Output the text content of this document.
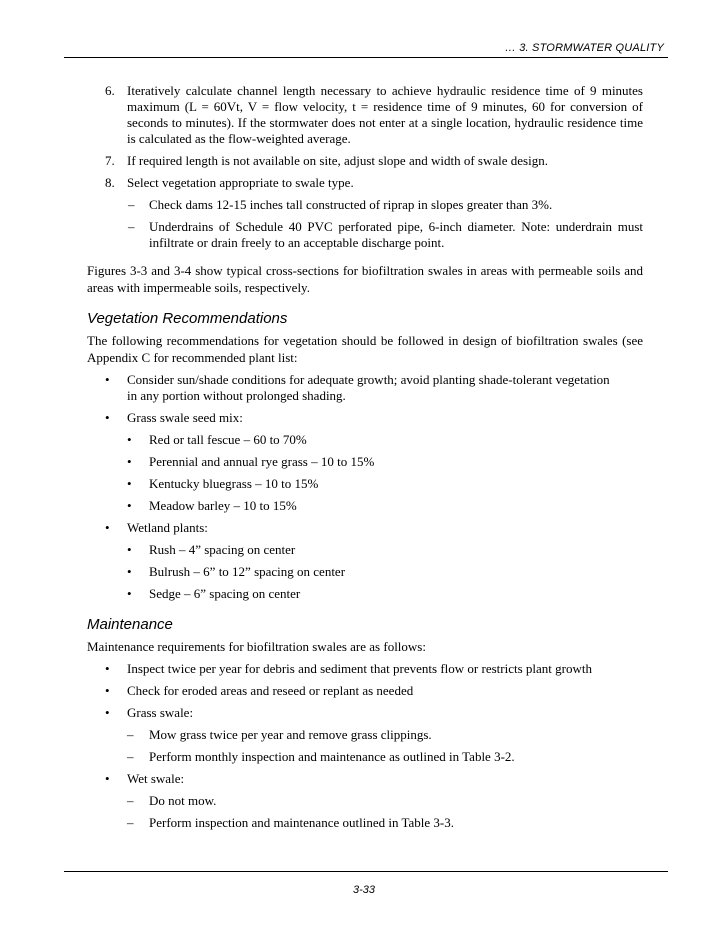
… 3. STORMWATER QUALITY
6. Iteratively calculate channel length necessary to achieve hydraulic residence time of 9 minutes maximum (L = 60Vt, V = flow velocity, t = residence time of 9 minutes, 60 for conversion of seconds to minutes). If the stormwater does not enter at a single location, hydraulic residence time is calculated as the flow-weighted average.
7. If required length is not available on site, adjust slope and width of swale design.
8. Select vegetation appropriate to swale type.
– Check dams 12-15 inches tall constructed of riprap in slopes greater than 3%.
– Underdrains of Schedule 40 PVC perforated pipe, 6-inch diameter. Note: underdrain must infiltrate or drain freely to an acceptable discharge point.
Figures 3-3 and 3-4 show typical cross-sections for biofiltration swales in areas with permeable soils and areas with impermeable soils, respectively.
Vegetation Recommendations
The following recommendations for vegetation should be followed in design of biofiltration swales (see Appendix C for recommended plant list:
• Consider sun/shade conditions for adequate growth; avoid planting shade-tolerant vegetation in any portion without prolonged shading.
• Grass swale seed mix:
• Red or tall fescue – 60 to 70%
• Perennial and annual rye grass – 10 to 15%
• Kentucky bluegrass – 10 to 15%
• Meadow barley – 10 to 15%
• Wetland plants:
• Rush – 4” spacing on center
• Bulrush – 6” to 12” spacing on center
• Sedge – 6” spacing on center
Maintenance
Maintenance requirements for biofiltration swales are as follows:
• Inspect twice per year for debris and sediment that prevents flow or restricts plant growth
• Check for eroded areas and reseed or replant as needed
• Grass swale:
– Mow grass twice per year and remove grass clippings.
– Perform monthly inspection and maintenance as outlined in Table 3-2.
• Wet swale:
– Do not mow.
– Perform inspection and maintenance outlined in Table 3-3.
3-33
